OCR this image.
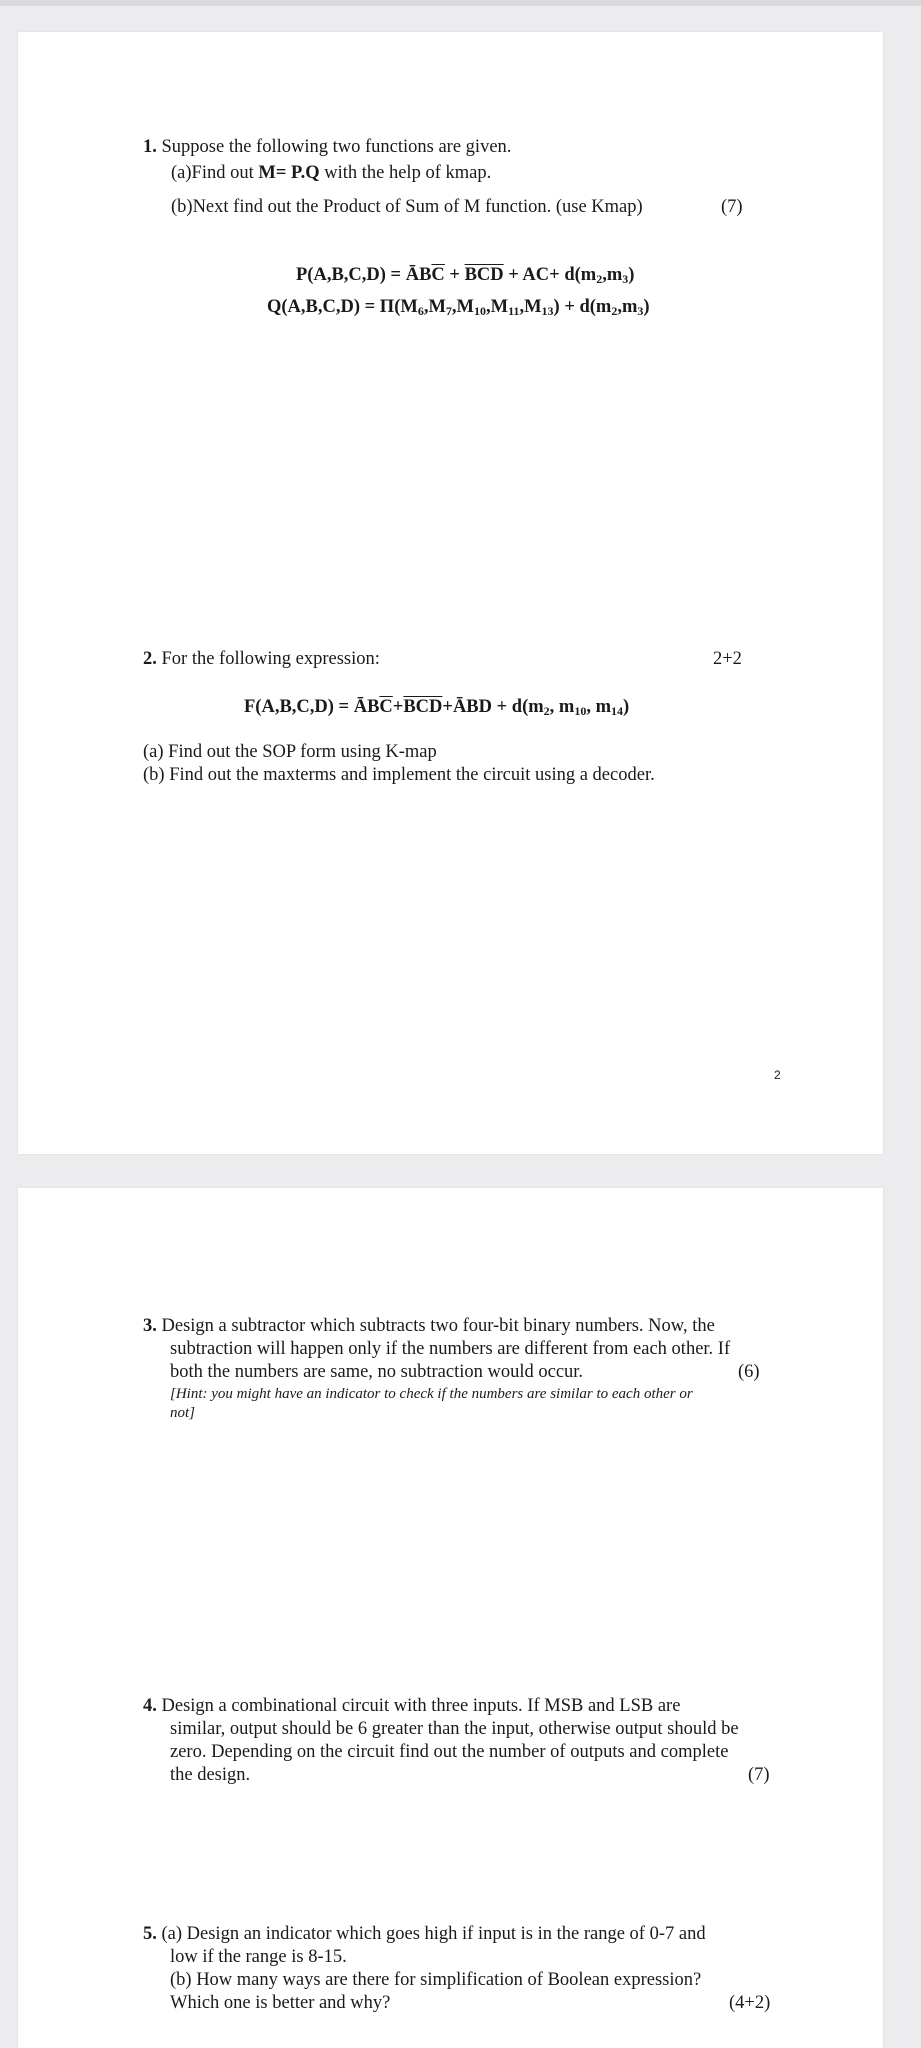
1. Suppose the following two functions are given.
(a)Find out M= P.Q with the help of kmap.
(b)Next find out the Product of Sum of M function. (use Kmap)	(7)
$P(A,B,C,D) = ĀB\overline{C} + \overline{BCD} + AC+ d(m_2,m_3)$
$Q(A,B,C,D) = \Pi(M_6,M_7,M_{10},M_{11},M_{13}) + d(m_2,m_3)$
2. For the following expression:	2+2
$F(A,B,C,D) = ĀB\overline{C}+\overline{BCD}+ĀBD + d(m_2$, $m_{10}$, $m_{14}$)
(a) Find out the SOP form using K-map
(b) Find out the maxterms and implement the circuit using a decoder.
2
3. Design a subtractor which subtracts two four-bit binary numbers. Now, the
subtraction will happen only if the numbers are different from each other. If
both the numbers are same, no subtraction would occur.	(6)
[Hint: you might have an indicator to check if the numbers are similar to each other or
not]
4. Design a combinational circuit with three inputs. If MSB and LSB are
similar, output should be 6 greater than the input, otherwise output should be
zero. Depending on the circuit find out the number of outputs and complete
the design.	(7)
5. (a) Design an indicator which goes high if input is in the range of 0-7 and
low if the range is 8-15.
(b) How many ways are there for simplification of Boolean expression?
Which one is better and why?	(4+2)
